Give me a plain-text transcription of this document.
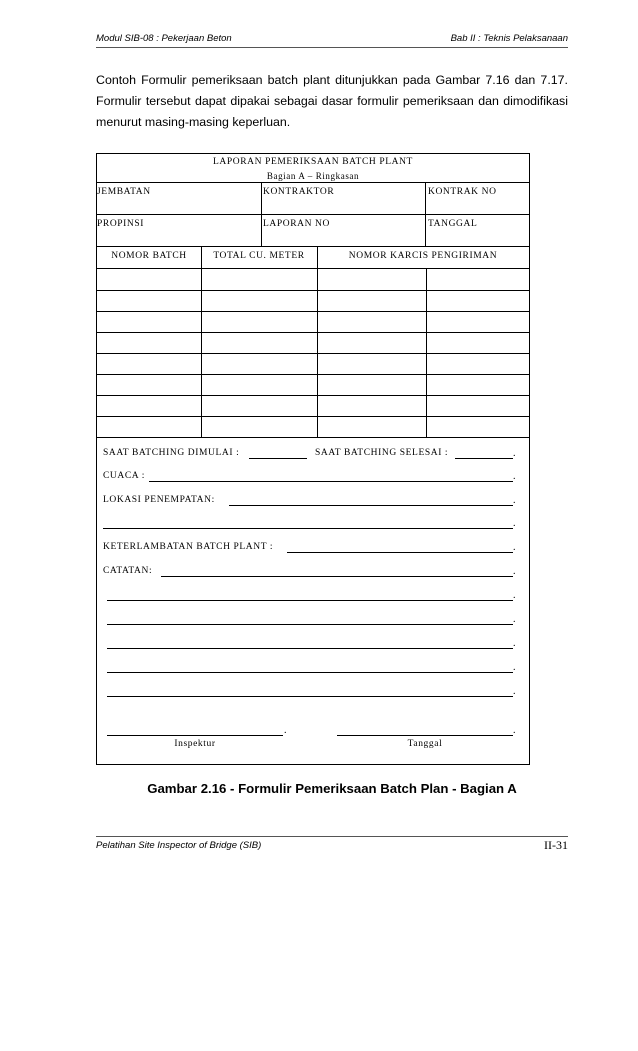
Modul SIB-08 : Pekerjaan Beton	Bab II : Teknis Pelaksanaan
Contoh Formulir pemeriksaan batch plant ditunjukkan pada Gambar 7.16 dan 7.17. Formulir tersebut dapat dipakai sebagai dasar formulir pemeriksaan dan dimodifikasi menurut masing-masing keperluan.
LAPORAN PEMERIKSAAN BATCH PLANT
Bagian A – Ringkasan
JEMBATAN	KONTRAKTOR	KONTRAK NO
PROPINSI	LAPORAN NO	TANGGAL
NOMOR BATCH	TOTAL CU. METER	NOMOR KARCIS PENGIRIMAN
SAAT BATCHING DIMULAI :	SAAT BATCHING SELESAI :	.
CUACA :	.
LOKASI PENEMPATAN:	.
.
KETERLAMBATAN BATCH PLANT :	.
CATATAN:	.
.
.
.
.
.
.	.
Inspektur	Tanggal
Gambar 2.16 - Formulir Pemeriksaan Batch Plan - Bagian A
Pelatihan Site Inspector of Bridge (SIB)	II-31
